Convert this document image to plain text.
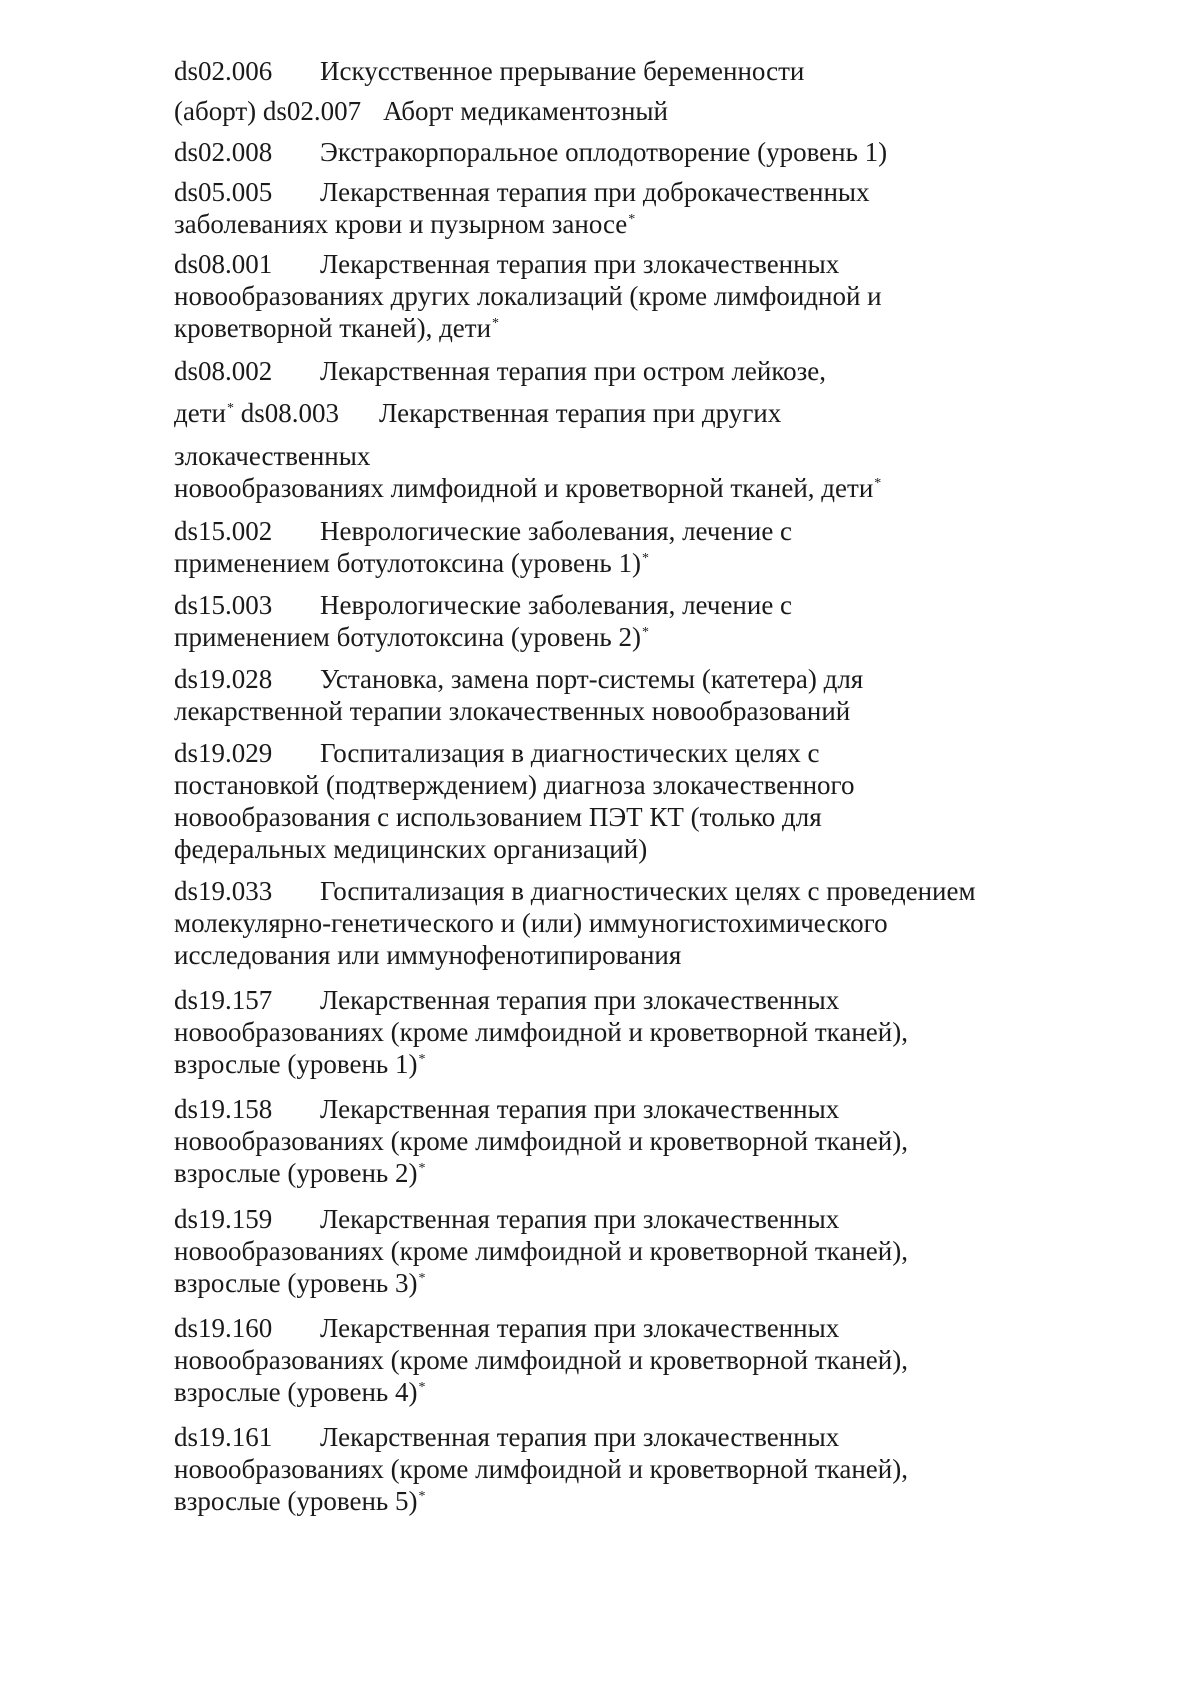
ds02.006 Искусственное прерывание беременности
(аборт) ds02.007 Аборт медикаментозный
ds02.008 Экстракорпоральное оплодотворение (уровень 1)
ds05.005 Лекарственная терапия при доброкачественных
заболеваниях крови и пузырном заносе*
ds08.001 Лекарственная терапия при злокачественных
новообразованиях других локализаций (кроме лимфоидной и
кроветворной тканей), дети*
ds08.002 Лекарственная терапия при остром лейкозе,
дети* ds08.003 Лекарственная терапия при других
злокачественных
новообразованиях лимфоидной и кроветворной тканей, дети*
ds15.002 Неврологические заболевания, лечение с
применением ботулотоксина (уровень 1)*
ds15.003 Неврологические заболевания, лечение с
применением ботулотоксина (уровень 2)*
ds19.028 Установка, замена порт-системы (катетера) для
лекарственной терапии злокачественных новообразований
ds19.029 Госпитализация в диагностических целях с
постановкой (подтверждением) диагноза злокачественного
новообразования с использованием ПЭТ КТ (только для
федеральных медицинских организаций)
ds19.033 Госпитализация в диагностических целях с проведением
молекулярно-генетического и (или) иммуногистохимического
исследования или иммунофенотипирования
ds19.157 Лекарственная терапия при злокачественных
новообразованиях (кроме лимфоидной и кроветворной тканей),
взрослые (уровень 1)*
ds19.158 Лекарственная терапия при злокачественных
новообразованиях (кроме лимфоидной и кроветворной тканей),
взрослые (уровень 2)*
ds19.159 Лекарственная терапия при злокачественных
новообразованиях (кроме лимфоидной и кроветворной тканей),
взрослые (уровень 3)*
ds19.160 Лекарственная терапия при злокачественных
новообразованиях (кроме лимфоидной и кроветворной тканей),
взрослые (уровень 4)*
ds19.161 Лекарственная терапия при злокачественных
новообразованиях (кроме лимфоидной и кроветворной тканей),
взрослые (уровень 5)*
